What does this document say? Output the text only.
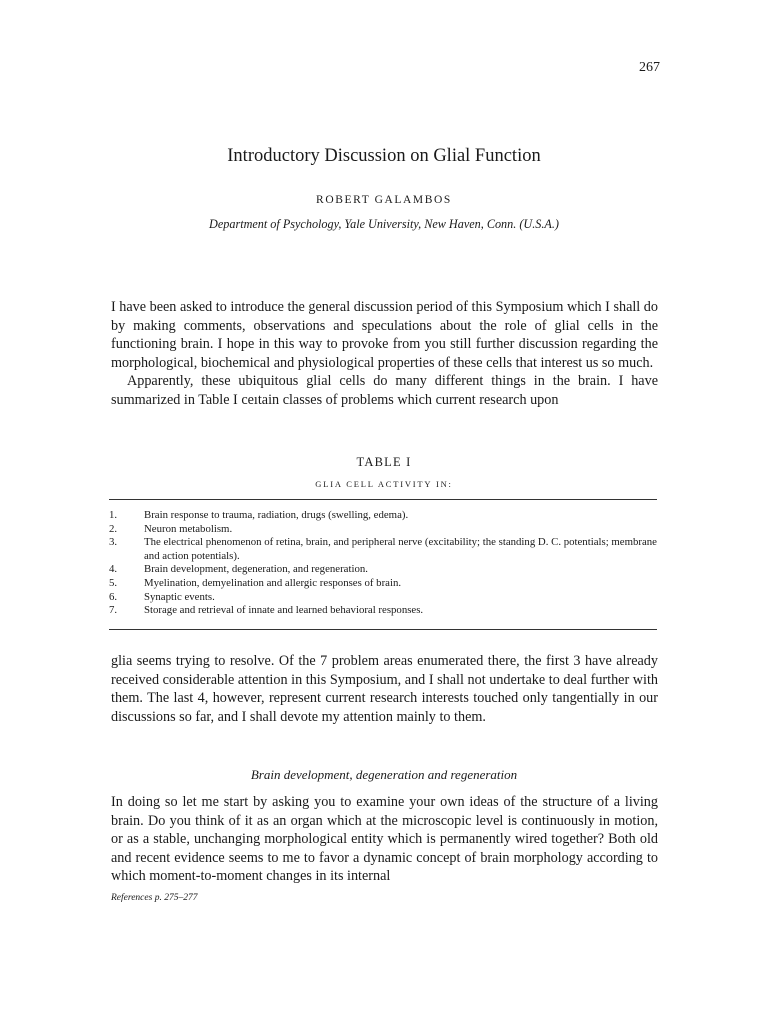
267
Introductory Discussion on Glial Function
ROBERT GALAMBOS
Department of Psychology, Yale University, New Haven, Conn. (U.S.A.)

I have been asked to introduce the general discussion period of this Symposium which I shall do by making comments, observations and speculations about the role of glial cells in the functioning brain. I hope in this way to provoke from you still further discussion regarding the morphological, biochemical and physiological properties of these cells that interest us so much.

Apparently, these ubiquitous glial cells do many different things in the brain. I have summarized in Table I ceıtain classes of problems which current research upon

TABLE I
GLIA CELL ACTIVITY IN:
1.	Brain response to trauma, radiation, drugs (swelling, edema).
2.	Neuron metabolism.
3.	The electrical phenomenon of retina, brain, and peripheral nerve (excitability; the standing D. C. potentials; membrane and action potentials).
4.	Brain development, degeneration, and regeneration.
5.	Myelination, demyelination and allergic responses of brain.
6.	Synaptic events.
7.	Storage and retrieval of innate and learned behavioral responses.

glia seems trying to resolve. Of the 7 problem areas enumerated there, the first 3 have already received considerable attention in this Symposium, and I shall not undertake to deal further with them. The last 4, however, represent current research interests touched only tangentially in our discussions so far, and I shall devote my attention mainly to them.

Brain development, degeneration and regeneration

In doing so let me start by asking you to examine your own ideas of the structure of a living brain. Do you think of it as an organ which at the microscopic level is continuously in motion, or as a stable, unchanging morphological entity which is permanently wired together? Both old and recent evidence seems to me to favor a dynamic concept of brain morphology according to which moment-to-moment changes in its internal

References p. 275–277
